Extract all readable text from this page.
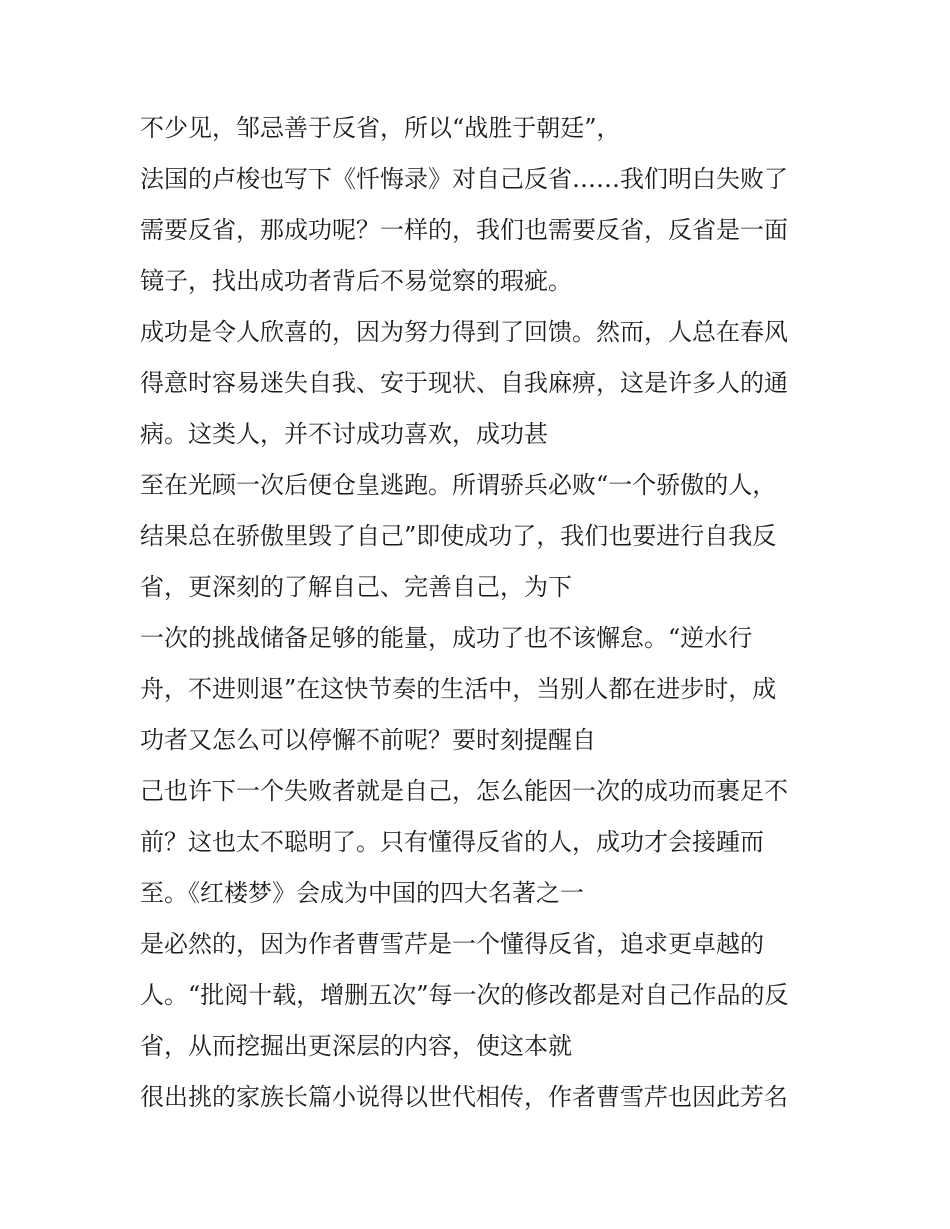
不少见，邹忌善于反省，所以“战胜于朝廷”，
法国的卢梭也写下《忏悔录》对自己反省……我们明白失败了
需要反省，那成功呢？一样的，我们也需要反省，反省是一面
镜子，找出成功者背后不易觉察的瑕疵。
成功是令人欣喜的，因为努力得到了回馈。然而，人总在春风
得意时容易迷失自我、安于现状、自我麻痹，这是许多人的通
病。这类人，并不讨成功喜欢，成功甚
至在光顾一次后便仓皇逃跑。所谓骄兵必败“一个骄傲的人，
结果总在骄傲里毁了自己”即使成功了，我们也要进行自我反
省，更深刻的了解自己、完善自己，为下
一次的挑战储备足够的能量，成功了也不该懈怠。“逆水行
舟，不进则退”在这快节奏的生活中，当别人都在进步时，成
功者又怎么可以停懈不前呢？要时刻提醒自
己也许下一个失败者就是自己，怎么能因一次的成功而裹足不
前？这也太不聪明了。只有懂得反省的人，成功才会接踵而
至。《红楼梦》会成为中国的四大名著之一
是必然的，因为作者曹雪芹是一个懂得反省，追求更卓越的
人。“批阅十载，增删五次”每一次的修改都是对自己作品的反
省，从而挖掘出更深层的内容，使这本就
很出挑的家族长篇小说得以世代相传，作者曹雪芹也因此芳名
